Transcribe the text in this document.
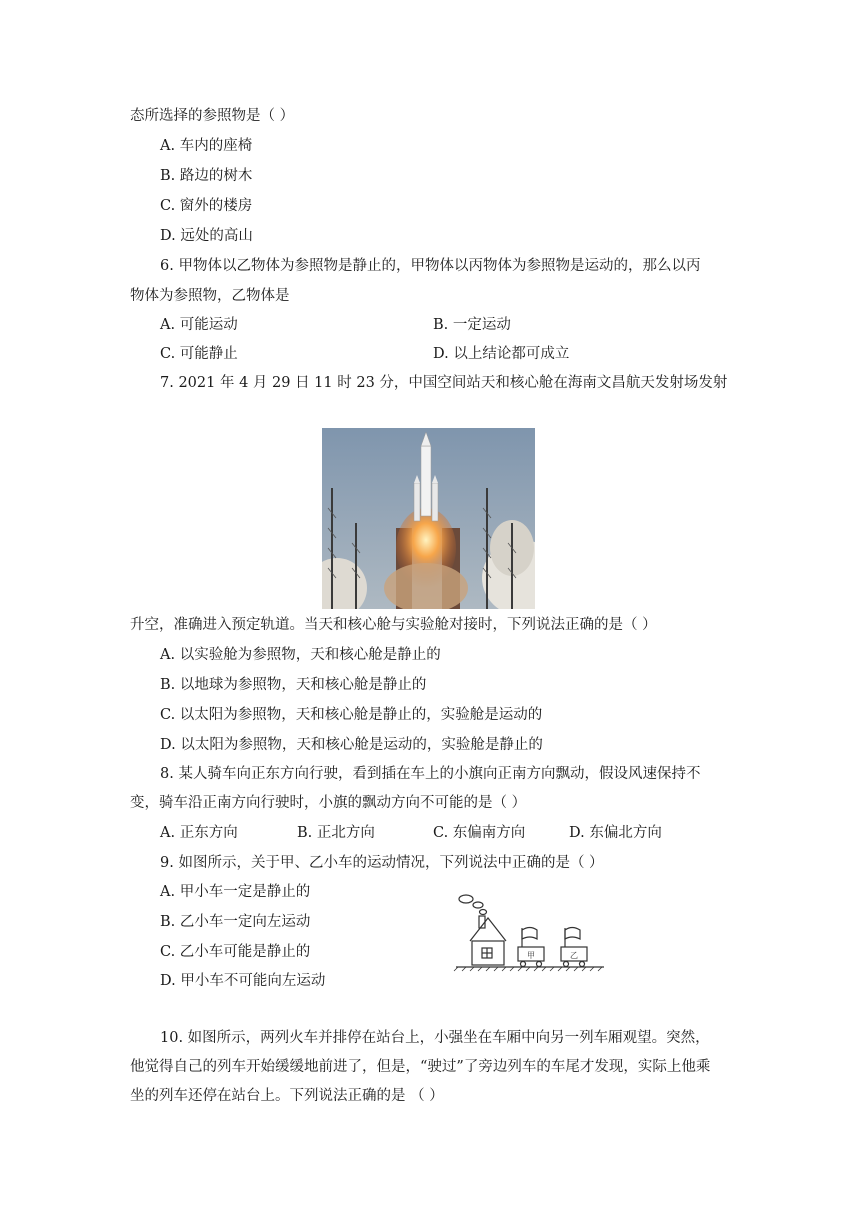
态所选择的参照物是（ ）
A. 车内的座椅
B. 路边的树木
C. 窗外的楼房
D. 远处的高山
6. 甲物体以乙物体为参照物是静止的，甲物体以丙物体为参照物是运动的，那么以丙
物体为参照物，乙物体是
A. 可能运动	B. 一定运动
C. 可能静止	D. 以上结论都可成立
7. 2021 年 4 月 29 日 11 时 23 分，中国空间站天和核心舱在海南文昌航天发射场发射
升空，准确进入预定轨道。当天和核心舱与实验舱对接时，下列说法正确的是（ ）
A. 以实验舱为参照物，天和核心舱是静止的
B. 以地球为参照物，天和核心舱是静止的
C. 以太阳为参照物，天和核心舱是静止的，实验舱是运动的
D. 以太阳为参照物，天和核心舱是运动的，实验舱是静止的
8. 某人骑车向正东方向行驶，看到插在车上的小旗向正南方向飘动，假设风速保持不
变，骑车沿正南方向行驶时，小旗的飘动方向不可能的是（ ）
A. 正东方向	B. 正北方向	C. 东偏南方向	D. 东偏北方向
9. 如图所示，关于甲、乙小车的运动情况，下列说法中正确的是（ ）
A. 甲小车一定是静止的
B. 乙小车一定向左运动
C. 乙小车可能是静止的
D. 甲小车不可能向左运动
甲	乙
10. 如图所示，两列火车并排停在站台上，小强坐在车厢中向另一列车厢观望。突然，
他觉得自己的列车开始缓缓地前进了，但是，“驶过”了旁边列车的车尾才发现，实际上他乘
坐的列车还停在站台上。下列说法正确的是 （ ）
